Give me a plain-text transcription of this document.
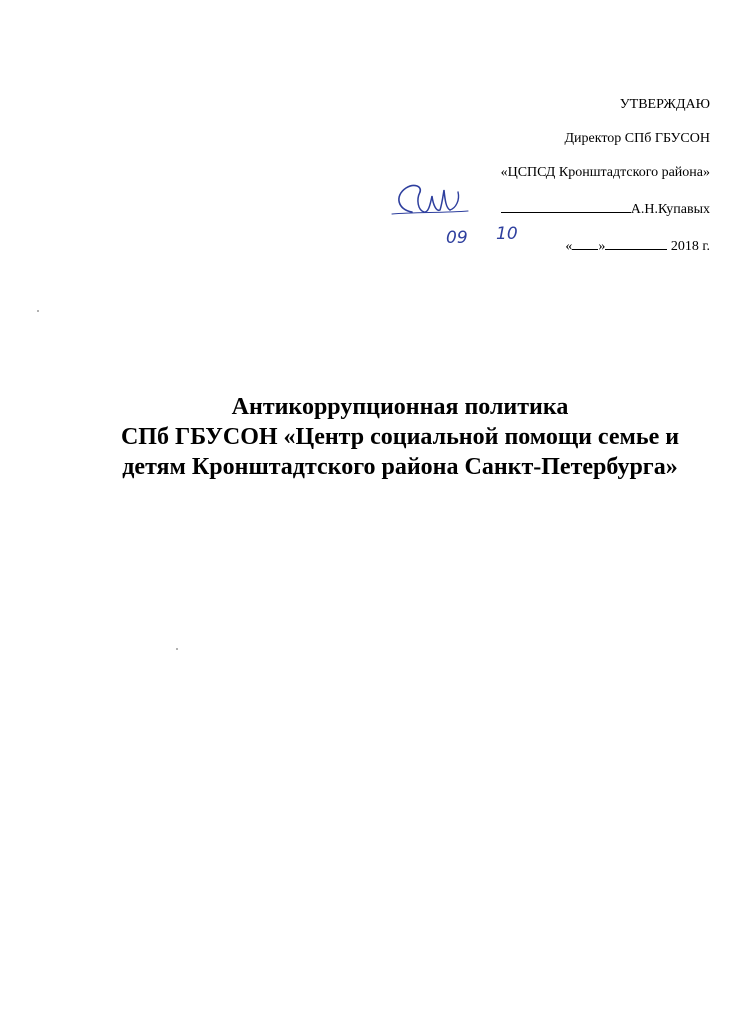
УТВЕРЖДАЮ
Директор СПб ГБУСОН
«ЦСПСД Кронштадтского района»
А.Н.Купавых
« »	2018 г.
09 10
Антикоррупционная политика
СПб ГБУСОН «Центр социальной помощи семье и
детям Кронштадтского района Санкт-Петербурга»
